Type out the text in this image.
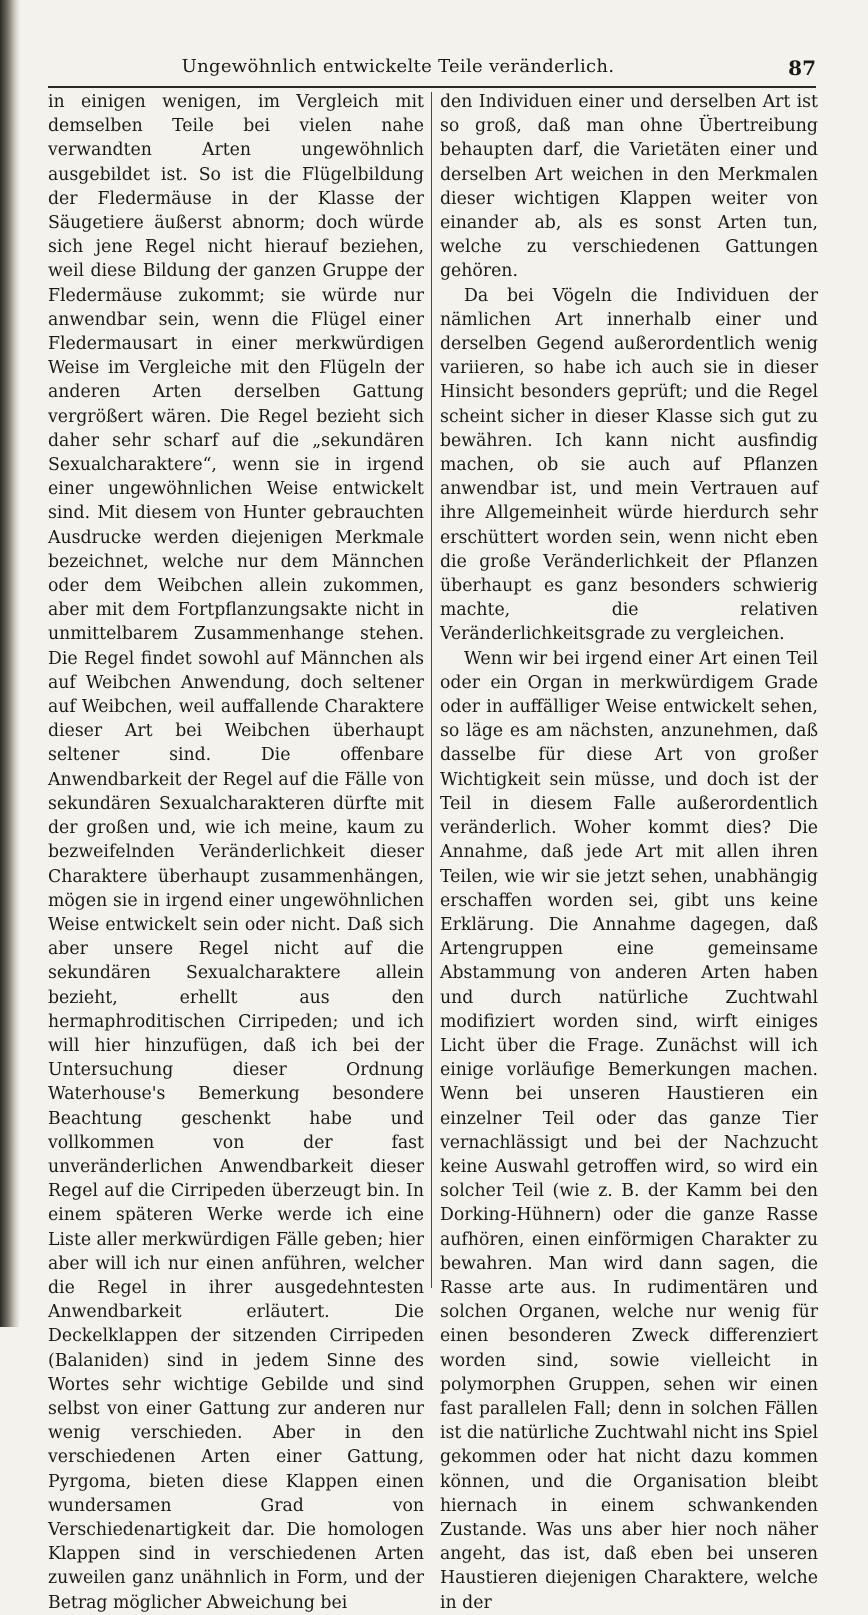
Ungewöhnlich entwickelte Teile veränderlich.	87

in einigen wenigen, im Vergleich mit demselben Teile bei vielen nahe verwandten Arten ungewöhnlich ausgebildet ist. So ist die Flügelbildung der Fledermäuse in der Klasse der Säugetiere äußerst abnorm; doch würde sich jene Regel nicht hierauf beziehen, weil diese Bildung der ganzen Gruppe der Fledermäuse zukommt; sie würde nur anwendbar sein, wenn die Flügel einer Fledermausart in einer merkwürdigen Weise im Vergleiche mit den Flügeln der anderen Arten derselben Gattung vergrößert wären. Die Regel bezieht sich daher sehr scharf auf die „sekundären Sexualcharaktere“, wenn sie in irgend einer ungewöhnlichen Weise entwickelt sind. Mit diesem von Hunter gebrauchten Ausdrucke werden diejenigen Merkmale bezeichnet, welche nur dem Männchen oder dem Weibchen allein zukommen, aber mit dem Fortpflanzungsakte nicht in unmittelbarem Zusammenhange stehen. Die Regel findet sowohl auf Männchen als auf Weibchen Anwendung, doch seltener auf Weibchen, weil auffallende Charaktere dieser Art bei Weibchen überhaupt seltener sind. Die offenbare Anwendbarkeit der Regel auf die Fälle von sekundären Sexualcharakteren dürfte mit der großen und, wie ich meine, kaum zu bezweifelnden Veränderlichkeit dieser Charaktere überhaupt zusammenhängen, mögen sie in irgend einer ungewöhnlichen Weise entwickelt sein oder nicht. Daß sich aber unsere Regel nicht auf die sekundären Sexualcharaktere allein bezieht, erhellt aus den hermaphroditischen Cirripeden; und ich will hier hinzufügen, daß ich bei der Untersuchung dieser Ordnung Waterhouse's Bemerkung besondere Beachtung geschenkt habe und vollkommen von der fast unveränderlichen Anwendbarkeit dieser Regel auf die Cirripeden überzeugt bin. In einem späteren Werke werde ich eine Liste aller merkwürdigen Fälle geben; hier aber will ich nur einen anführen, welcher die Regel in ihrer ausgedehntesten Anwendbarkeit erläutert. Die Deckelklappen der sitzenden Cirripeden (Balaniden) sind in jedem Sinne des Wortes sehr wichtige Gebilde und sind selbst von einer Gattung zur anderen nur wenig verschieden. Aber in den verschiedenen Arten einer Gattung, Pyrgoma, bieten diese Klappen einen wundersamen Grad von Verschiedenartigkeit dar. Die homologen Klappen sind in verschiedenen Arten zuweilen ganz unähnlich in Form, und der Betrag möglicher Abweichung bei

den Individuen einer und derselben Art ist so groß, daß man ohne Übertreibung behaupten darf, die Varietäten einer und derselben Art weichen in den Merkmalen dieser wichtigen Klappen weiter von einander ab, als es sonst Arten tun, welche zu verschiedenen Gattungen gehören.

Da bei Vögeln die Individuen der nämlichen Art innerhalb einer und derselben Gegend außerordentlich wenig variieren, so habe ich auch sie in dieser Hinsicht besonders geprüft; und die Regel scheint sicher in dieser Klasse sich gut zu bewähren. Ich kann nicht ausfindig machen, ob sie auch auf Pflanzen anwendbar ist, und mein Vertrauen auf ihre Allgemeinheit würde hierdurch sehr erschüttert worden sein, wenn nicht eben die große Veränderlichkeit der Pflanzen überhaupt es ganz besonders schwierig machte, die relativen Veränderlichkeitsgrade zu vergleichen.

Wenn wir bei irgend einer Art einen Teil oder ein Organ in merkwürdigem Grade oder in auffälliger Weise entwickelt sehen, so läge es am nächsten, anzunehmen, daß dasselbe für diese Art von großer Wichtigkeit sein müsse, und doch ist der Teil in diesem Falle außerordentlich veränderlich. Woher kommt dies? Die Annahme, daß jede Art mit allen ihren Teilen, wie wir sie jetzt sehen, unabhängig erschaffen worden sei, gibt uns keine Erklärung. Die Annahme dagegen, daß Artengruppen eine gemeinsame Abstammung von anderen Arten haben und durch natürliche Zuchtwahl modifiziert worden sind, wirft einiges Licht über die Frage. Zunächst will ich einige vorläufige Bemerkungen machen. Wenn bei unseren Haustieren ein einzelner Teil oder das ganze Tier vernachlässigt und bei der Nachzucht keine Auswahl getroffen wird, so wird ein solcher Teil (wie z. B. der Kamm bei den Dorking-Hühnern) oder die ganze Rasse aufhören, einen einförmigen Charakter zu bewahren. Man wird dann sagen, die Rasse arte aus. In rudimentären und solchen Organen, welche nur wenig für einen besonderen Zweck differenziert worden sind, sowie vielleicht in polymorphen Gruppen, sehen wir einen fast parallelen Fall; denn in solchen Fällen ist die natürliche Zuchtwahl nicht ins Spiel gekommen oder hat nicht dazu kommen können, und die Organisation bleibt hiernach in einem schwankenden Zustande. Was uns aber hier noch näher angeht, das ist, daß eben bei unseren Haustieren diejenigen Charaktere, welche in der
